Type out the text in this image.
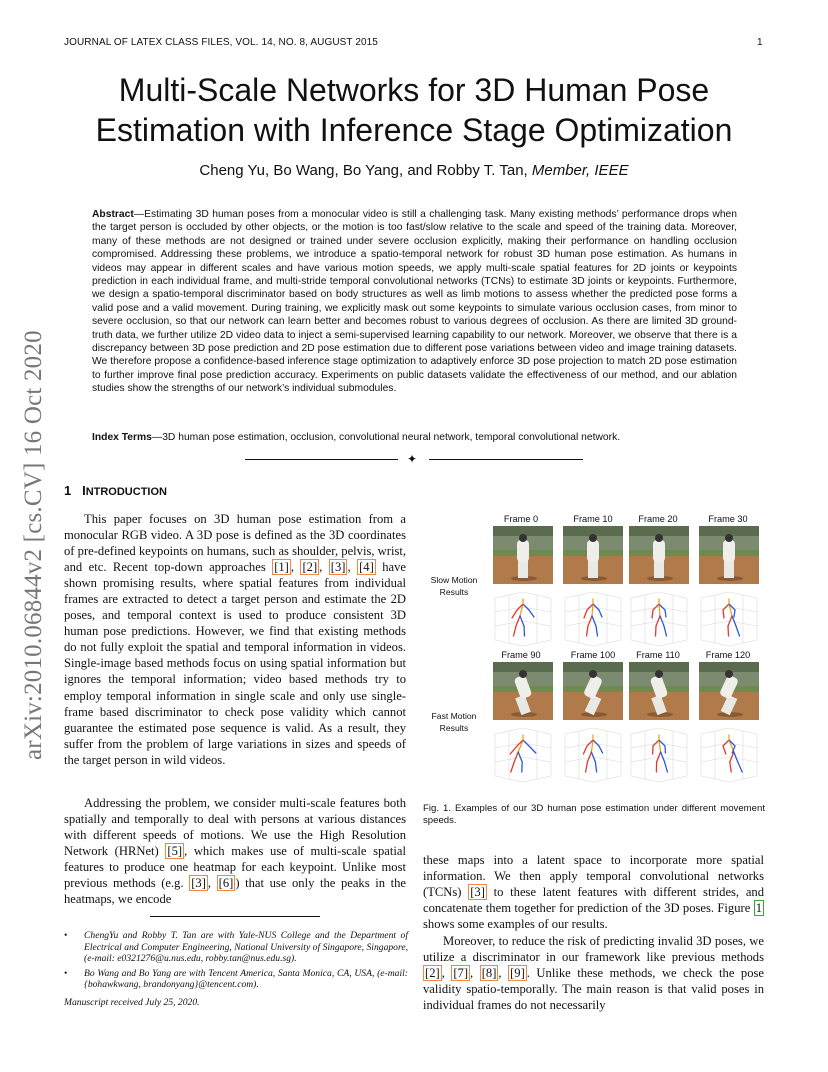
JOURNAL OF LATEX CLASS FILES, VOL. 14, NO. 8, AUGUST 2015	1
arXiv:2010.06844v2 [cs.CV] 16 Oct 2020
Multi-Scale Networks for 3D Human Pose Estimation with Inference Stage Optimization
Cheng Yu, Bo Wang, Bo Yang, and Robby T. Tan, Member, IEEE
Abstract—Estimating 3D human poses from a monocular video is still a challenging task. Many existing methods’ performance drops when the target person is occluded by other objects, or the motion is too fast/slow relative to the scale and speed of the training data. Moreover, many of these methods are not designed or trained under severe occlusion explicitly, making their performance on handling occlusion compromised. Addressing these problems, we introduce a spatio-temporal network for robust 3D human pose estimation. As humans in videos may appear in different scales and have various motion speeds, we apply multi-scale spatial features for 2D joints or keypoints prediction in each individual frame, and multi-stride temporal convolutional networks (TCNs) to estimate 3D joints or keypoints. Furthermore, we design a spatio-temporal discriminator based on body structures as well as limb motions to assess whether the predicted pose forms a valid pose and a valid movement. During training, we explicitly mask out some keypoints to simulate various occlusion cases, from minor to severe occlusion, so that our network can learn better and becomes robust to various degrees of occlusion. As there are limited 3D ground-truth data, we further utilize 2D video data to inject a semi-supervised learning capability to our network. Moreover, we observe that there is a discrepancy between 3D pose prediction and 2D pose estimation due to different pose variations between video and image training datasets. We therefore propose a confidence-based inference stage optimization to adaptively enforce 3D pose projection to match 2D pose estimation to further improve final pose prediction accuracy. Experiments on public datasets validate the effectiveness of our method, and our ablation studies show the strengths of our network’s individual submodules.
Index Terms—3D human pose estimation, occlusion, convolutional neural network, temporal convolutional network.
✦
1 INTRODUCTION
This paper focuses on 3D human pose estimation from a monocular RGB video. A 3D pose is defined as the 3D coordinates of pre-defined keypoints on humans, such as shoulder, pelvis, wrist, and etc. Recent top-down approaches [1] , [2] , [3] , [4] have shown promising results, where spatial features from individual frames are extracted to detect a target person and estimate the 2D poses, and temporal context is used to produce consistent 3D human pose predictions. However, we find that existing methods do not fully exploit the spatial and temporal information in videos. Single-image based methods focus on using spatial information but ignores the temporal information; video based methods try to employ temporal information in single scale and only use single-frame based discriminator to check pose validity which cannot guarantee the estimated pose sequence is valid. As a result, they suffer from the problem of large variations in sizes and speeds of the target person in wild videos.
Addressing the problem, we consider multi-scale features both spatially and temporally to deal with persons at various distances with different speeds of motions. We use the High Resolution Network (HRNet) [5] , which makes use of multi-scale spatial features to produce one heatmap for each keypoint. Unlike most previous methods (e.g. [3] , [6] ) that use only the peaks in the heatmaps, we encode
• ChengYu and Robby T. Tan are with Yale-NUS College and the Department of Electrical and Computer Engineering, National University of Singapore, Singapore, (e-mail: e0321276@u.nus.edu, robby.tan@nus.edu.sg).
• Bo Wang and Bo Yang are with Tencent America, Santa Monica, CA, USA, (e-mail: {bohawkwang, brandonyang}@tencent.com).
Manuscript received July 25, 2020.
Frame 0	Frame 10	Frame 20	Frame 30
Slow Motion
Results
Frame 90	Frame 100	Frame 110	Frame 120
Fast Motion
Results
Fig. 1. Examples of our 3D human pose estimation under different movement speeds.
these maps into a latent space to incorporate more spatial information. We then apply temporal convolutional networks (TCNs) [3] to these latent features with different strides, and concatenate them together for prediction of the 3D poses. Figure 1 shows some examples of our results.
Moreover, to reduce the risk of predicting invalid 3D poses, we utilize a discriminator in our framework like previous methods [2] , [7] , [8] , [9] . Unlike these methods, we check the pose validity spatio-temporally. The main reason is that valid poses in individual frames do not necessarily
